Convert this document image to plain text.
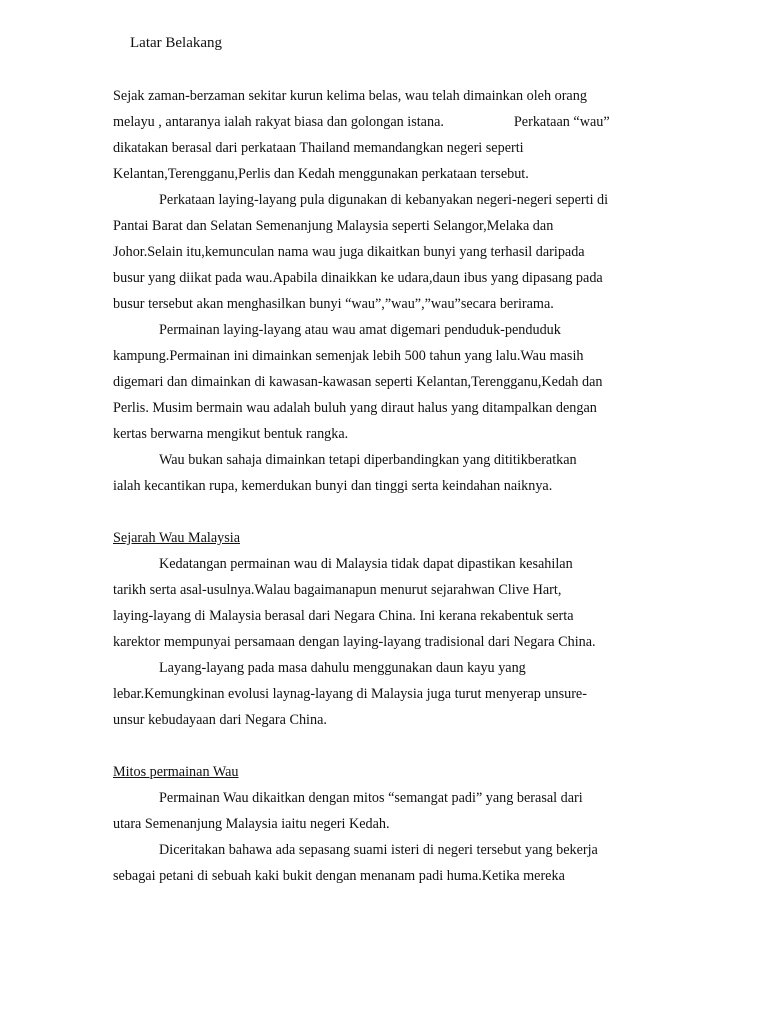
Latar Belakang
Sejak zaman-berzaman sekitar kurun kelima belas, wau telah dimainkan oleh orang
melayu , antaranya ialah rakyat biasa dan golongan istana.	Perkataan “wau”
dikatakan berasal dari perkataan Thailand memandangkan negeri seperti
Kelantan,Terengganu,Perlis dan Kedah menggunakan perkataan tersebut.
Perkataan laying-layang pula digunakan di kebanyakan negeri-negeri seperti di
Pantai Barat dan Selatan Semenanjung Malaysia seperti Selangor,Melaka dan
Johor.Selain itu,kemunculan nama wau juga dikaitkan bunyi yang terhasil daripada
busur yang diikat pada wau.Apabila dinaikkan ke udara,daun ibus yang dipasang pada
busur tersebut akan menghasilkan bunyi “wau”,”wau”,”wau”secara berirama.
Permainan laying-layang atau wau amat digemari penduduk-penduduk
kampung.Permainan ini dimainkan semenjak lebih 500 tahun yang lalu.Wau masih
digemari dan dimainkan di kawasan-kawasan seperti Kelantan,Terengganu,Kedah dan
Perlis. Musim bermain wau adalah buluh yang diraut halus yang ditampalkan dengan
kertas berwarna mengikut bentuk rangka.
Wau bukan sahaja dimainkan tetapi diperbandingkan yang dititikberatkan
ialah kecantikan rupa, kemerdukan bunyi dan tinggi serta keindahan naiknya.
Sejarah Wau Malaysia
Kedatangan permainan wau di Malaysia tidak dapat dipastikan kesahilan
tarikh serta asal-usulnya.Walau bagaimanapun menurut sejarahwan Clive Hart,
laying-layang di Malaysia berasal dari Negara China. Ini kerana rekabentuk serta
karektor mempunyai persamaan dengan laying-layang tradisional dari Negara China.
Layang-layang pada masa dahulu menggunakan daun kayu yang
lebar.Kemungkinan evolusi laynag-layang di Malaysia juga turut menyerap unsure-
unsur kebudayaan dari Negara China.
Mitos permainan Wau
Permainan Wau dikaitkan dengan mitos “semangat padi” yang berasal dari
utara Semenanjung Malaysia iaitu negeri Kedah.
Diceritakan bahawa ada sepasang suami isteri di negeri tersebut yang bekerja
sebagai petani di sebuah kaki bukit dengan menanam padi huma.Ketika mereka
